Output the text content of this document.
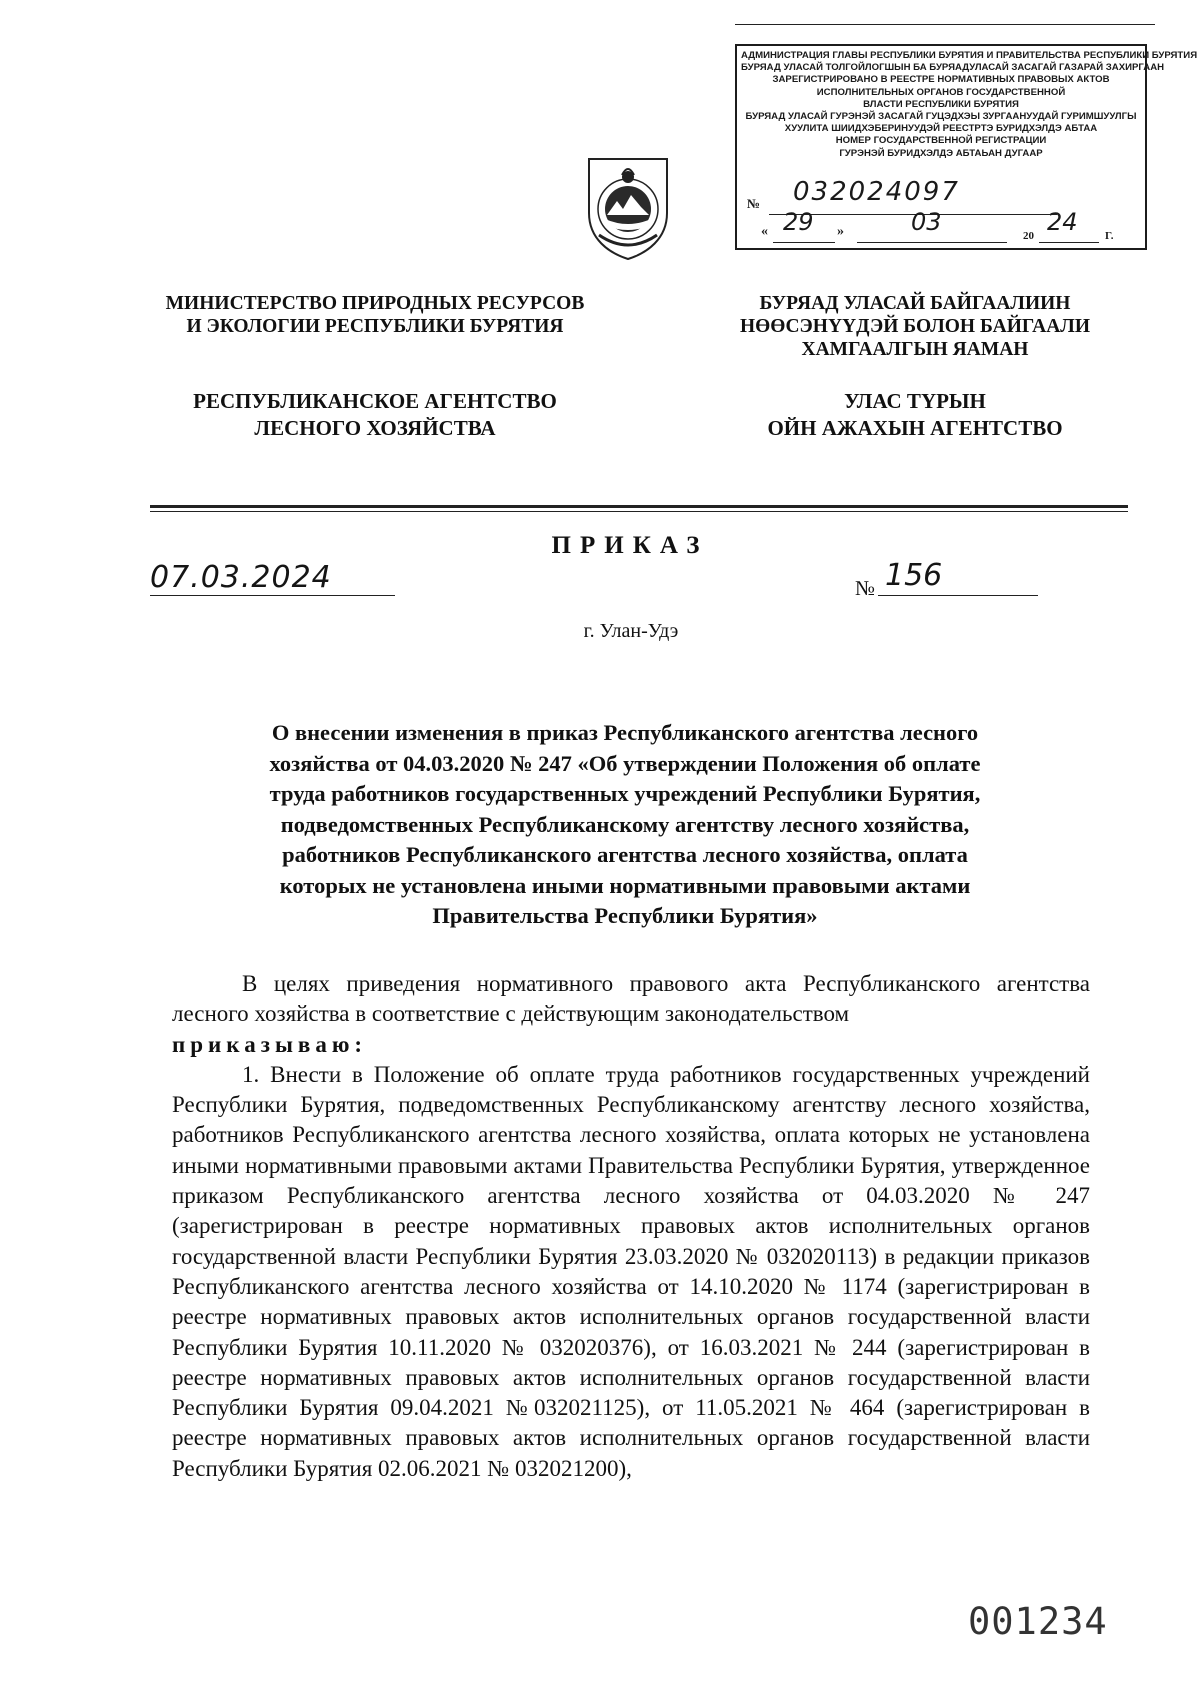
АДМИНИСТРАЦИЯ ГЛАВЫ РЕСПУБЛИКИ БУРЯТИЯ И ПРАВИТЕЛЬСТВА РЕСПУБЛИКИ БУРЯТИЯ
БУРЯАД УЛАСАЙ ТОЛГОЙЛОГШЫН БА БУРЯАДУЛАСАЙ ЗАСАГАЙ ГАЗАРАЙ ЗАХИРГААН
ЗАРЕГИСТРИРОВАНО В РЕЕСТРЕ НОРМАТИВНЫХ ПРАВОВЫХ АКТОВ
ИСПОЛНИТЕЛЬНЫХ ОРГАНОВ ГОСУДАРСТВЕННОЙ
ВЛАСТИ РЕСПУБЛИКИ БУРЯТИЯ
БУРЯАД УЛАСАЙ ГУРЭНЭЙ ЗАСАГАЙ ГУЦЭДХЭЫ ЗУРГААНУУДАЙ ГУРИМШУУЛГЫ
ХУУЛИТА ШИИДХЭБЕРИНУУДЭЙ РЕЕСТРТЭ БУРИДХЭЛДЭ АБТАА
НОМЕР ГОСУДАРСТВЕННОЙ РЕГИСТРАЦИИ
ГУРЭНЭЙ БУРИДХЭЛДЭ АБТАЬАН ДУГААР
№ 032024097
« 29 »	03	20 24 Г.
МИНИСТЕРСТВО ПРИРОДНЫХ РЕСУРСОВ
И ЭКОЛОГИИ РЕСПУБЛИКИ БУРЯТИЯ
РЕСПУБЛИКАНСКОЕ АГЕНТСТВО
ЛЕСНОГО ХОЗЯЙСТВА
БУРЯАД УЛАСАЙ БАЙГААЛИИН
НӨӨСЭНҮҮДЭЙ БОЛОН БАЙГААЛИ
ХАМГААЛГЫН ЯАМАН
УЛАС ТҮРЫН
ОЙН АЖАХЫН АГЕНТСТВО
ПРИКАЗ
07.03.2024	№ 156
г. Улан-Удэ
О внесении изменения в приказ Республиканского агентства лесного
хозяйства от 04.03.2020 № 247 «Об утверждении Положения об оплате
труда работников государственных учреждений Республики Бурятия,
подведомственных Республиканскому агентству лесного хозяйства,
работников Республиканского агентства лесного хозяйства, оплата
которых не установлена иными нормативными правовыми актами
Правительства Республики Бурятия»

В целях приведения нормативного правового акта Республиканского агентства лесного хозяйства в соответствие с действующим законодательством

приказываю:

1. Внести в Положение об оплате труда работников государственных учреждений Республики Бурятия, подведомственных Республиканскому агентству лесного хозяйства, работников Республиканского агентства лесного хозяйства, оплата которых не установлена иными нормативными правовыми актами Правительства Республики Бурятия, утвержденное приказом Республиканского агентства лесного хозяйства от 04.03.2020 № 247 (зарегистрирован в реестре нормативных правовых актов исполнительных органов государственной власти Республики Бурятия 23.03.2020 № 032020113) в редакции приказов Республиканского агентства лесного хозяйства от 14.10.2020 № 1174 (зарегистрирован в реестре нормативных правовых актов исполнительных органов государственной власти Республики Бурятия 10.11.2020 № 032020376), от 16.03.2021 № 244 (зарегистрирован в реестре нормативных правовых актов исполнительных органов государственной власти Республики Бурятия 09.04.2021 №032021125), от 11.05.2021 № 464 (зарегистрирован в реестре нормативных правовых актов исполнительных органов государственной власти Республики Бурятия 02.06.2021 № 032021200),

001234
